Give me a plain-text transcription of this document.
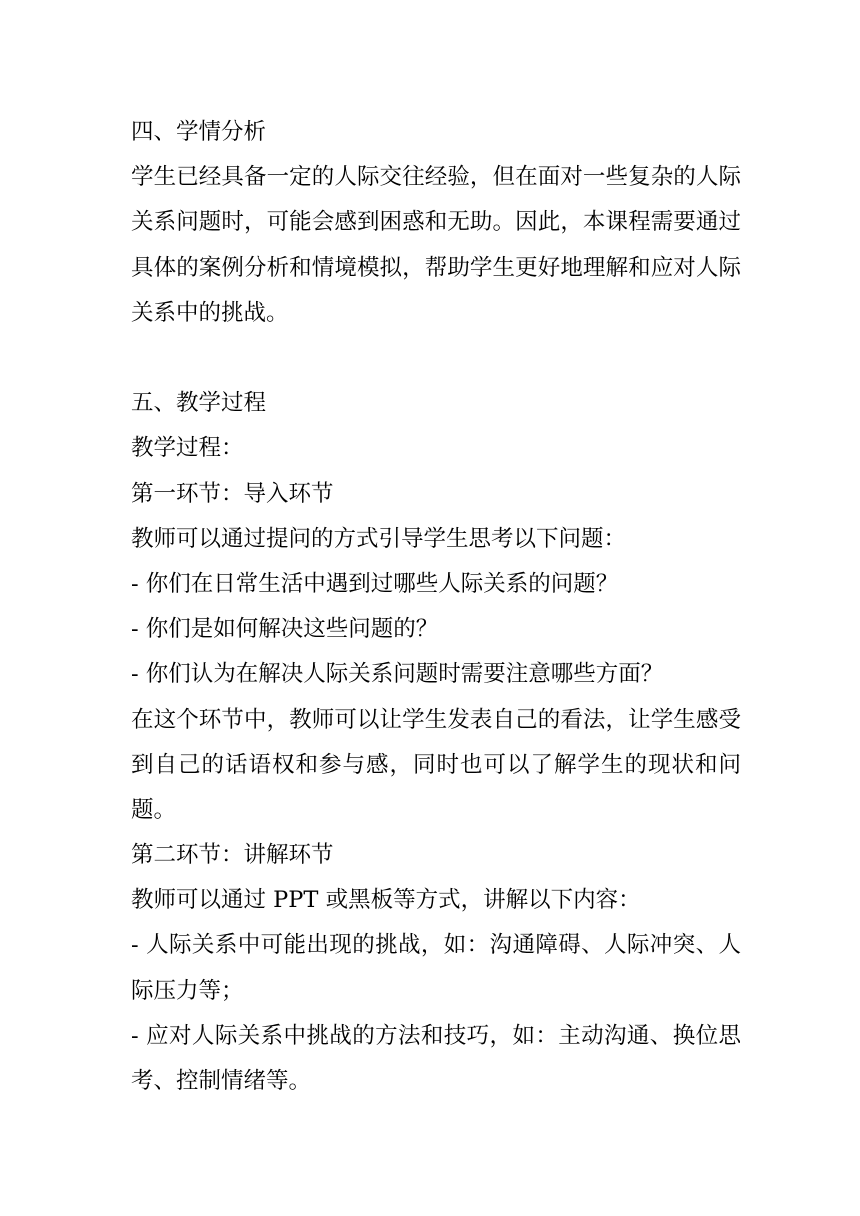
四、学情分析

学生已经具备一定的人际交往经验，但在面对一些复杂的人际关系问题时，可能会感到困惑和无助。因此，本课程需要通过具体的案例分析和情境模拟，帮助学生更好地理解和应对人际关系中的挑战。

五、教学过程

教学过程：

第一环节：导入环节

教师可以通过提问的方式引导学生思考以下问题：

- 你们在日常生活中遇到过哪些人际关系的问题？

- 你们是如何解决这些问题的？

- 你们认为在解决人际关系问题时需要注意哪些方面？

在这个环节中，教师可以让学生发表自己的看法，让学生感受到自己的话语权和参与感，同时也可以了解学生的现状和问题。

第二环节：讲解环节

教师可以通过 PPT 或黑板等方式，讲解以下内容：

- 人际关系中可能出现的挑战，如：沟通障碍、人际冲突、人际压力等；

- 应对人际关系中挑战的方法和技巧，如：主动沟通、换位思考、控制情绪等。
